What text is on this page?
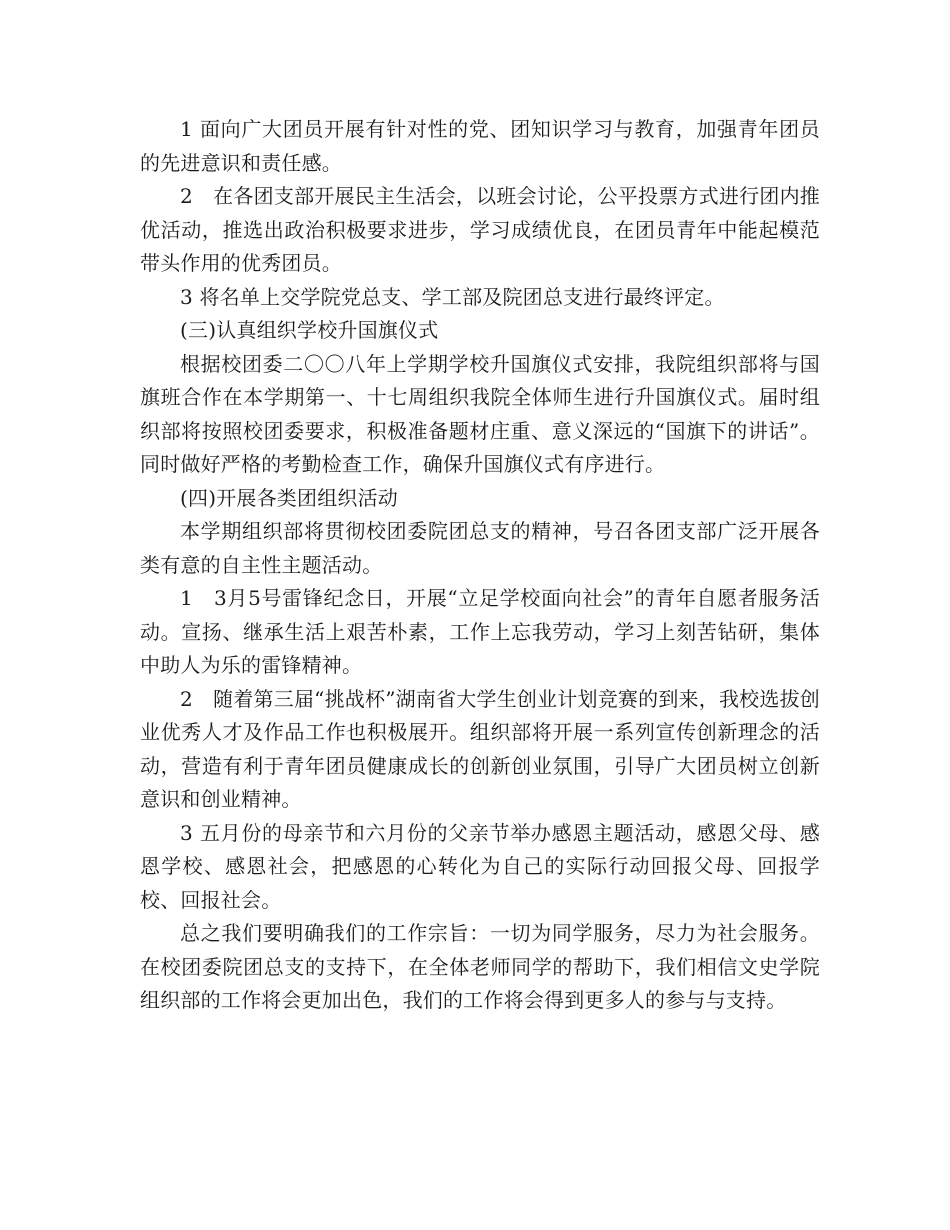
1 面向广大团员开展有针对性的党、团知识学习与教育，加强青年团员的先进意识和责任感。

2　在各团支部开展民主生活会，以班会讨论，公平投票方式进行团内推优活动，推选出政治积极要求进步，学习成绩优良，在团员青年中能起模范带头作用的优秀团员。

3 将名单上交学院党总支、学工部及院团总支进行最终评定。

(三)认真组织学校升国旗仪式

根据校团委二〇〇八年上学期学校升国旗仪式安排，我院组织部将与国旗班合作在本学期第一、十七周组织我院全体师生进行升国旗仪式。届时组织部将按照校团委要求，积极准备题材庄重、意义深远的“国旗下的讲话”。同时做好严格的考勤检查工作，确保升国旗仪式有序进行。

(四)开展各类团组织活动

本学期组织部将贯彻校团委院团总支的精神，号召各团支部广泛开展各类有意的自主性主题活动。

1　3月5号雷锋纪念日，开展“立足学校面向社会”的青年自愿者服务活动。宣扬、继承生活上艰苦朴素，工作上忘我劳动，学习上刻苦钻研，集体中助人为乐的雷锋精神。

2　随着第三届“挑战杯”湖南省大学生创业计划竞赛的到来，我校选拔创业优秀人才及作品工作也积极展开。组织部将开展一系列宣传创新理念的活动，营造有利于青年团员健康成长的创新创业氛围，引导广大团员树立创新意识和创业精神。

3 五月份的母亲节和六月份的父亲节举办感恩主题活动，感恩父母、感恩学校、感恩社会，把感恩的心转化为自己的实际行动回报父母、回报学校、回报社会。

总之我们要明确我们的工作宗旨：一切为同学服务，尽力为社会服务。在校团委院团总支的支持下，在全体老师同学的帮助下，我们相信文史学院组织部的工作将会更加出色，我们的工作将会得到更多人的参与与支持。
